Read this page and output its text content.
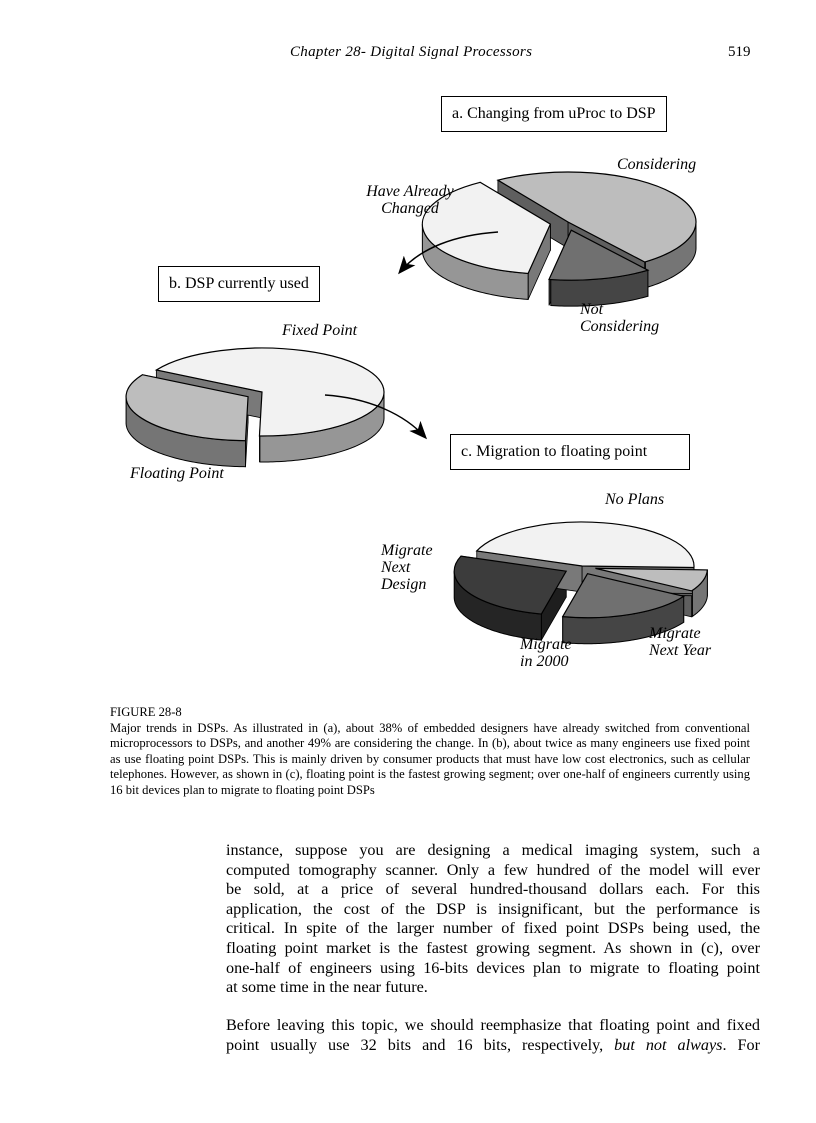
Chapter 28- Digital Signal Processors	519
a. Changing from uProc to DSP
b. DSP currently used
c. Migration to floating point
Have Already
Changed
Considering
Not
Considering
Fixed Point
Floating Point
No Plans
Migrate
Next Year
Migrate
in 2000
Migrate
Next
Design
FIGURE 28-8
Major trends in DSPs. As illustrated in (a), about 38% of embedded designers have already switched from conventional microprocessors to DSPs, and another 49% are considering the change. In (b), about twice as many engineers use fixed point as use floating point DSPs. This is mainly driven by consumer products that must have low cost electronics, such as cellular telephones. However, as shown in (c), floating point is the fastest growing segment; over one-half of engineers currently using 16 bit devices plan to migrate to floating point DSPs
instance, suppose you are designing a medical imaging system, such a
computed tomography scanner. Only a few hundred of the model will ever
be sold, at a price of several hundred-thousand dollars each. For this
application, the cost of the DSP is insignificant, but the performance is
critical. In spite of the larger number of fixed point DSPs being used, the
floating point market is the fastest growing segment. As shown in (c), over
one-half of engineers using 16-bits devices plan to migrate to floating point
at some time in the near future.
Before leaving this topic, we should reemphasize that floating point and fixed
point usually use 32 bits and 16 bits, respectively, but not always. For
